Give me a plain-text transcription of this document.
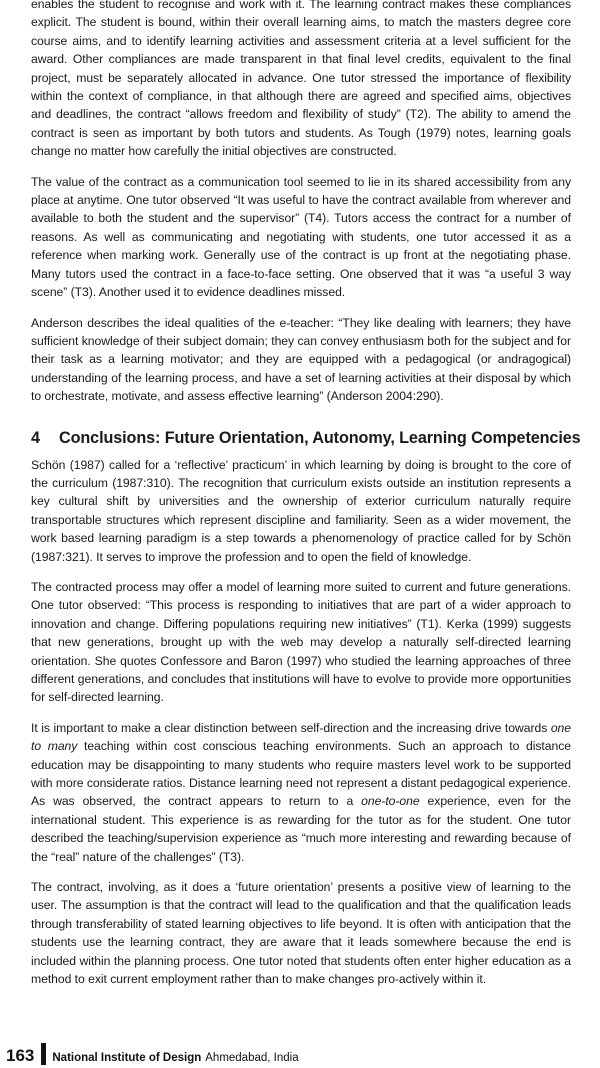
enables the student to recognise and work with it. The learning contract makes these compliances explicit. The student is bound, within their overall learning aims, to match the masters degree core course aims, and to identify learning activities and assessment criteria at a level sufficient for the award. Other compliances are made transparent in that final level credits, equivalent to the final project, must be separately allocated in advance. One tutor stressed the importance of flexibility within the context of compliance, in that although there are agreed and specified aims, objectives and deadlines, the contract “allows freedom and flexibility of study” (T2). The ability to amend the contract is seen as important by both tutors and students. As Tough (1979) notes, learning goals change no matter how carefully the initial objectives are constructed.

The value of the contract as a communication tool seemed to lie in its shared accessibility from any place at anytime. One tutor observed “It was useful to have the contract available from wherever and available to both the student and the supervisor” (T4). Tutors access the contract for a number of reasons. As well as communicating and negotiating with students, one tutor accessed it as a reference when marking work. Generally use of the contract is up front at the negotiating phase. Many tutors used the contract in a face-to-face setting. One observed that it was “a useful 3 way scene” (T3). Another used it to evidence deadlines missed.

Anderson describes the ideal qualities of the e-teacher: “They like dealing with learners; they have sufficient knowledge of their subject domain; they can convey enthusiasm both for the subject and for their task as a learning motivator; and they are equipped with a pedagogical (or andragogical) understanding of the learning process, and have a set of learning activities at their disposal by which to orchestrate, motivate, and assess effective learning” (Anderson 2004:290).

4 Conclusions: Future Orientation, Autonomy, Learning Competencies

Schön (1987) called for a ‘reflective’ practicum’ in which learning by doing is brought to the core of the curriculum (1987:310). The recognition that curriculum exists outside an institution represents a key cultural shift by universities and the ownership of exterior curriculum naturally require transportable structures which represent discipline and familiarity. Seen as a wider movement, the work based learning paradigm is a step towards a phenomenology of practice called for by Schön (1987:321). It serves to improve the profession and to open the field of knowledge.

The contracted process may offer a model of learning more suited to current and future generations. One tutor observed: “This process is responding to initiatives that are part of a wider approach to innovation and change. Differing populations requiring new initiatives” (T1). Kerka (1999) suggests that new generations, brought up with the web may develop a naturally self-directed learning orientation. She quotes Confessore and Baron (1997) who studied the learning approaches of three different generations, and concludes that institutions will have to evolve to provide more opportunities for self-directed learning.

It is important to make a clear distinction between self-direction and the increasing drive towards one to many teaching within cost conscious teaching environments. Such an approach to distance education may be disappointing to many students who require masters level work to be supported with more considerate ratios. Distance learning need not represent a distant pedagogical experience. As was observed, the contract appears to return to a one-to-one experience, even for the international student. This experience is as rewarding for the tutor as for the student. One tutor described the teaching/supervision experience as “much more interesting and rewarding because of the “real” nature of the challenges” (T3).

The contract, involving, as it does a ‘future orientation’ presents a positive view of learning to the user. The assumption is that the contract will lead to the qualification and that the qualification leads through transferability of stated learning objectives to life beyond. It is often with anticipation that the students use the learning contract, they are aware that it leads somewhere because the end is included within the planning process. One tutor noted that students often enter higher education as a method to exit current employment rather than to make changes pro-actively within it.

163 National Institute of Design Ahmedabad, India
